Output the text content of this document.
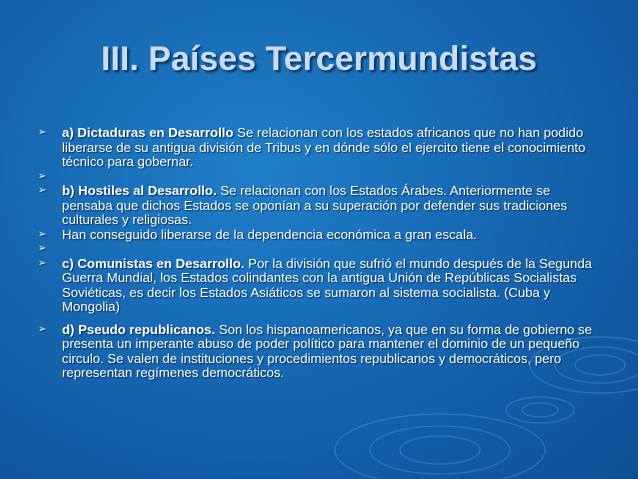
III. Países Tercermundistas
➢	a) Dictaduras en Desarrollo Se relacionan con los estados africanos que no han podido liberarse de su antigua división de Tribus y en dónde sólo el ejercito tiene el conocimiento técnico para gobernar.
➢
➢	b) Hostiles al Desarrollo. Se relacionan con los Estados Árabes. Anteriormente se pensaba que dichos Estados se oponían a su superación por defender sus tradiciones culturales y religiosas.
➢	Han conseguido liberarse de la dependencia económica a gran escala.
➢
➢	c) Comunistas en Desarrollo. Por la división que sufrió el mundo después de la Segunda Guerra Mundial, los Estados colindantes con la antigua Unión de Repúblicas Socialistas Soviéticas, es decir los Estados Asiáticos se sumaron al sistema socialista. (Cuba y Mongolia)
➢	d) Pseudo republicanos. Son los hispanoamericanos, ya que en su forma de gobierno se presenta un imperante abuso de poder político para mantener el dominio de un pequeño circulo. Se valen de instituciones y procedimientos republicanos y democráticos, pero representan regímenes democráticos.
